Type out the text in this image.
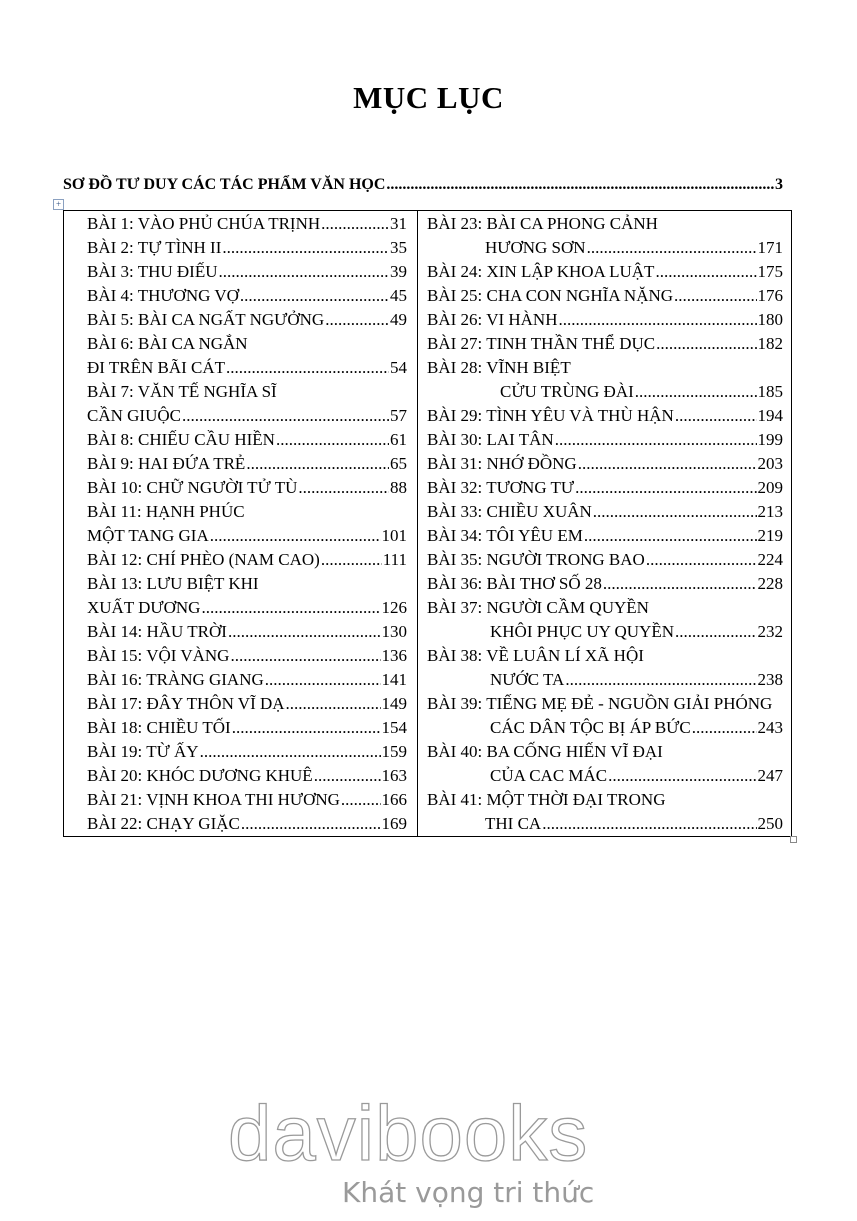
MỤC LỤC
SƠ ĐỒ TƯ DUY CÁC TÁC PHẨM VĂN HỌC .....	3
+
BÀI 1: VÀO PHỦ CHÚA TRỊNH .....	31
BÀI 2: TỰ TÌNH II .....	35
BÀI 3: THU ĐIẾU .....	39
BÀI 4: THƯƠNG VỢ .....	45
BÀI 5: BÀI CA NGẤT NGƯỞNG .....	49
BÀI 6: BÀI CA NGẮN
ĐI TRÊN BÃI CÁT .....	54
BÀI 7: VĂN TẾ NGHĨA SĨ
CẦN GIUỘC .....	57
BÀI 8: CHIẾU CẦU HIỀN .....	61
BÀI 9: HAI ĐỨA TRẺ .....	65
BÀI 10: CHỮ NGƯỜI TỬ TÙ .....	88
BÀI 11: HẠNH PHÚC
MỘT TANG GIA .....	101
BÀI 12: CHÍ PHÈO (NAM CAO) .....	111
BÀI 13: LƯU BIỆT KHI
XUẤT DƯƠNG .....	126
BÀI 14: HẦU TRỜI .....	130
BÀI 15: VỘI VÀNG .....	136
BÀI 16: TRÀNG GIANG .....	141
BÀI 17: ĐÂY THÔN VĨ DẠ .....	149
BÀI 18: CHIỀU TỐI .....	154
BÀI 19: TỪ ẤY .....	159
BÀI 20: KHÓC DƯƠNG KHUÊ .....	163
BÀI 21: VỊNH KHOA THI HƯƠNG ..... 166
BÀI 22: CHẠY GIẶC .....	169
BÀI 23: BÀI CA PHONG CẢNH
HƯƠNG SƠN .....	171
BÀI 24: XIN LẬP KHOA LUẬT .....	175
BÀI 25: CHA CON NGHĨA NẶNG .....	176
BÀI 26: VI HÀNH .....	180
BÀI 27: TINH THẦN THỂ DỤC .....	182
BÀI 28: VĨNH BIỆT
CỬU TRÙNG ĐÀI .....	185
BÀI 29: TÌNH YÊU VÀ THÙ HẬN .....	194
BÀI 30: LAI TÂN .....	199
BÀI 31: NHỚ ĐỒNG .....	203
BÀI 32: TƯƠNG TƯ .....	209
BÀI 33: CHIỀU XUÂN .....	213
BÀI 34: TÔI YÊU EM .....	219
BÀI 35: NGƯỜI TRONG BAO .....	224
BÀI 36: BÀI THƠ SỐ 28 .....	228
BÀI 37: NGƯỜI CẦM QUYỀN
KHÔI PHỤC UY QUYỀN .....	232
BÀI 38: VỀ LUÂN LÍ XÃ HỘI
NƯỚC TA .....	238
BÀI 39: TIẾNG MẸ ĐẺ - NGUỒN GIẢI PHÓNG
CÁC DÂN TỘC BỊ ÁP BỨC .....	243
BÀI 40: BA CỐNG HIẾN VĨ ĐẠI
CỦA CAC MÁC .....	247
BÀI 41: MỘT THỜI ĐẠI TRONG
THI CA .....	250
davibooks
Khát vọng tri thức
